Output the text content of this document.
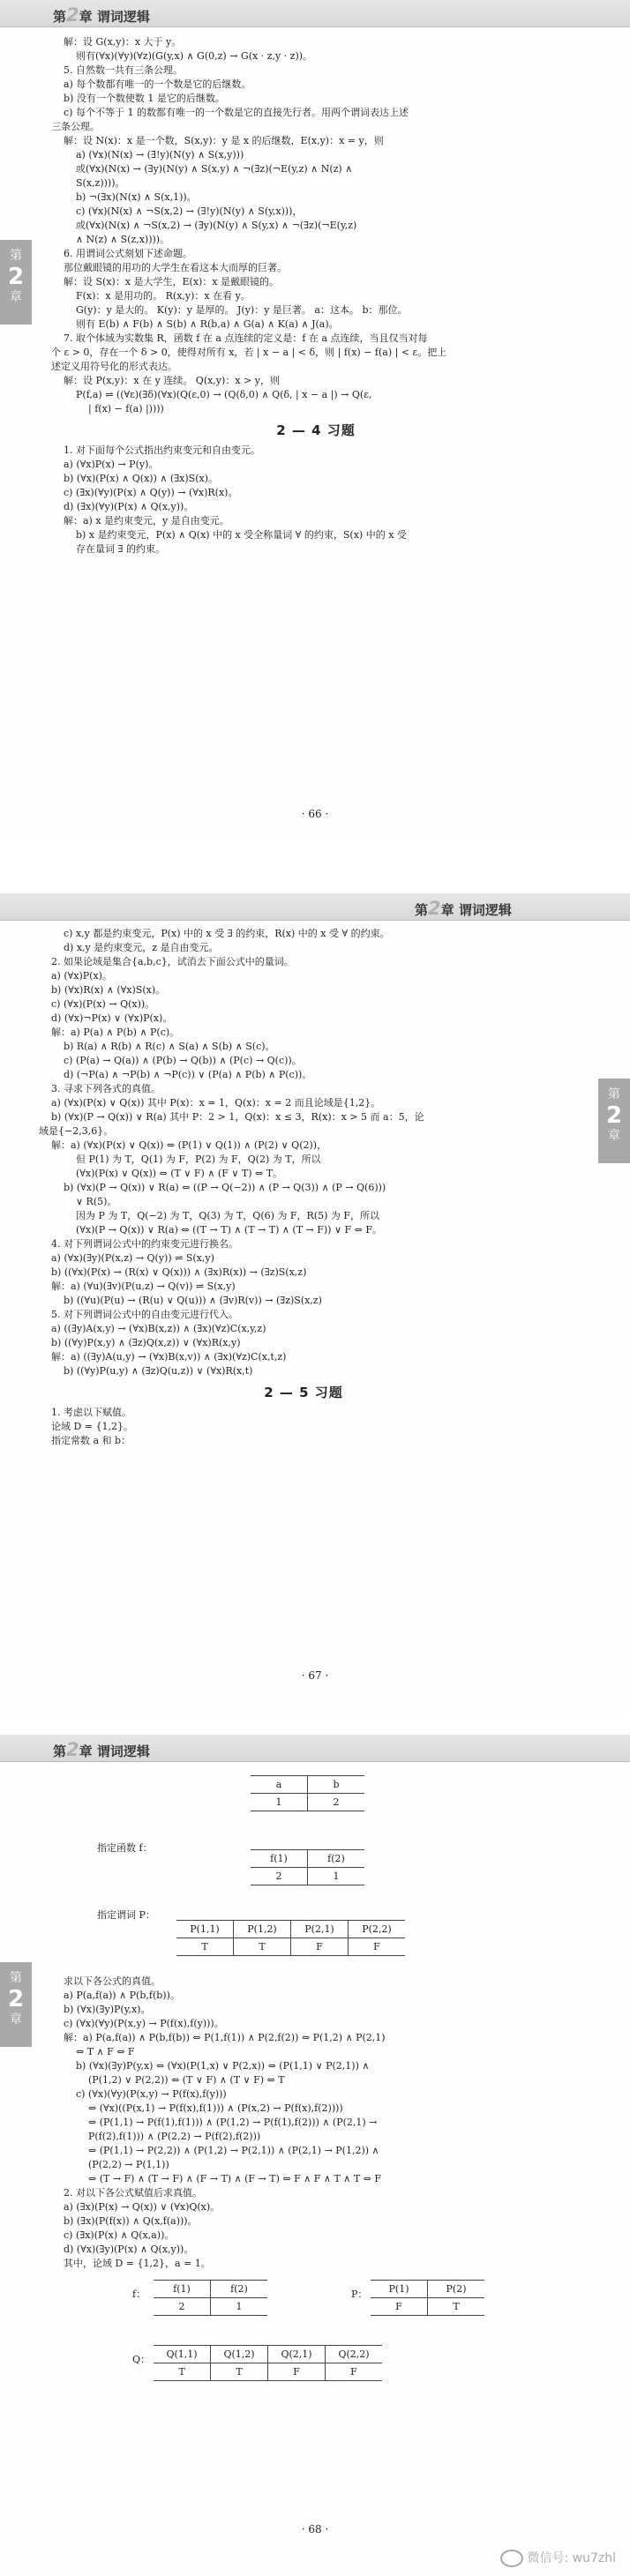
第2章 谓词逻辑
第
2
章
解：设 G(x,y)：x 大于 y。
则有(∀x)(∀y)(∀z)(G(y,x) ∧ G(0,z) → G(x · z,y · z))。
5. 自然数一共有三条公理。
a) 每个数都有唯一的一个数是它的后继数。
b) 没有一个数使数 1 是它的后继数。
c) 每个不等于 1 的数都有唯一的一个数是它的直接先行者。用两个谓词表达上述
三条公理。
解：设 N(x)：x 是一个数，S(x,y)：y 是 x 的后继数，E(x,y)：x = y，则
a) (∀x)(N(x) → (∃!y)(N(y) ∧ S(x,y)))
或(∀x)(N(x) → (∃y)(N(y) ∧ S(x,y) ∧ ¬(∃z)(¬E(y,z) ∧ N(z) ∧
S(x,z))))。
b) ¬(∃x)(N(x) ∧ S(x,1))。
c) (∀x)(N(x) ∧ ¬S(x,2) → (∃!y)(N(y) ∧ S(y,x)))，
或(∀x)(N(x) ∧ ¬S(x,2) → (∃y)(N(y) ∧ S(y,x) ∧ ¬(∃z)(¬E(y,z)
∧ N(z) ∧ S(z,x))))。
6. 用谓词公式刻划下述命题。
那位戴眼镜的用功的大学生在看这本大而厚的巨著。
解：设 S(x)：x 是大学生，E(x)：x 是戴眼镜的。
F(x)：x 是用功的。 R(x,y)：x 在看 y。
G(y)：y 是大的。 K(y)：y 是厚的。 J(y)：y 是巨著。 a：这本。 b：那位。
则有 E(b) ∧ F(b) ∧ S(b) ∧ R(b,a) ∧ G(a) ∧ K(a) ∧ J(a)。
7. 取个体域为实数集 R，函数 f 在 a 点连续的定义是：f 在 a 点连续，当且仅当对每
个 ε > 0，存在一个 δ > 0，使得对所有 x，若 | x − a | < δ，则 | f(x) − f(a) | < ε。把上
述定义用符号化的形式表达。
解：设 P(x,y)：x 在 y 连续。 Q(x,y)：x > y，则
P(f,a) ⇌ ((∀ε)(∃δ)(∀x)(Q(ε,0) → (Q(δ,0) ∧ Q(δ, | x − a |) → Q(ε,
| f(x) − f(a) |))))
2 — 4 习题
1. 对下面每个公式指出约束变元和自由变元。
a) (∀x)P(x) → P(y)。
b) (∀x)(P(x) ∧ Q(x)) ∧ (∃x)S(x)。
c) (∃x)(∀y)(P(x) ∧ Q(y)) → (∀x)R(x)。
d) (∃x)(∀y)(P(x) ∧ Q(x,y))。
解：a) x 是约束变元，y 是自由变元。
b) x 是约束变元，P(x) ∧ Q(x) 中的 x 受全称量词 ∀ 的约束，S(x) 中的 x 受
存在量词 ∃ 的约束。
· 66 ·
第2章 谓词逻辑
第
2
章
c) x,y 都是约束变元，P(x) 中的 x 受 ∃ 的约束，R(x) 中的 x 受 ∀ 的约束。
d) x,y 是约束变元，z 是自由变元。
2. 如果论域是集合{a,b,c}，试消去下面公式中的量词。
a) (∀x)P(x)。
b) (∀x)R(x) ∧ (∀x)S(x)。
c) (∀x)(P(x) → Q(x))。
d) (∀x)¬P(x) ∨ (∀x)P(x)。
解：a) P(a) ∧ P(b) ∧ P(c)。
b) R(a) ∧ R(b) ∧ R(c) ∧ S(a) ∧ S(b) ∧ S(c)。
c) (P(a) → Q(a)) ∧ (P(b) → Q(b)) ∧ (P(c) → Q(c))。
d) (¬P(a) ∧ ¬P(b) ∧ ¬P(c)) ∨ (P(a) ∧ P(b) ∧ P(c))。
3. 寻求下列各式的真值。
a) (∀x)(P(x) ∨ Q(x)) 其中 P(x)：x = 1，Q(x)：x = 2 而且论域是{1,2}。
b) (∀x)(P → Q(x)) ∨ R(a) 其中 P：2 > 1，Q(x)：x ≤ 3，R(x)：x > 5 而 a：5，论
域是{−2,3,6}。
解：a) (∀x)(P(x) ∨ Q(x)) ⇔ (P(1) ∨ Q(1)) ∧ (P(2) ∨ Q(2))，
但 P(1) 为 T，Q(1) 为 F，P(2) 为 F，Q(2) 为 T，所以
(∀x)(P(x) ∨ Q(x)) ⇔ (T ∨ F) ∧ (F ∨ T) ⇔ T。
b) (∀x)(P → Q(x)) ∨ R(a) ⇔ ((P → Q(−2)) ∧ (P → Q(3)) ∧ (P → Q(6)))
∨ R(5)。
因为 P 为 T，Q(−2) 为 T，Q(3) 为 T，Q(6) 为 F，R(5) 为 F，所以
(∀x)(P → Q(x)) ∨ R(a) ⇔ ((T → T) ∧ (T → T) ∧ (T → F)) ∨ F ⇔ F。
4. 对下列谓词公式中的约束变元进行换名。
a) (∀x)(∃y)(P(x,z) → Q(y)) ⇌ S(x,y)
b) ((∀x)(P(x) → (R(x) ∨ Q(x))) ∧ (∃x)R(x)) → (∃z)S(x,z)
解：a) (∀u)(∃v)(P(u,z) → Q(v)) ⇌ S(x,y)
b) ((∀u)(P(u) → (R(u) ∨ Q(u))) ∧ (∃v)R(v)) → (∃z)S(x,z)
5. 对下列谓词公式中的自由变元进行代入。
a) ((∃y)A(x,y) → (∀x)B(x,z)) ∧ (∃x)(∀z)C(x,y,z)
b) ((∀y)P(x,y) ∧ (∃z)Q(x,z)) ∨ (∀x)R(x,y)
解：a) ((∃y)A(u,y) → (∀x)B(x,v)) ∧ (∃x)(∀z)C(x,t,z)
b) ((∀y)P(u,y) ∧ (∃z)Q(u,z)) ∨ (∀x)R(x,t)
2 — 5 习题
1. 考虑以下赋值。
论域 D = {1,2}。
指定常数 a 和 b：
· 67 ·
第2章 谓词逻辑
第
2
章
a	b
1	2
指定函数 f：
f(1)	f(2)
2	1
指定谓词 P：
P(1,1)	P(1,2)	P(2,1)	P(2,2)
T	T	F	F
求以下各公式的真值。
a) P(a,f(a)) ∧ P(b,f(b))。
b) (∀x)(∃y)P(y,x)。
c) (∀x)(∀y)(P(x,y) → P(f(x),f(y)))。
解：a) P(a,f(a)) ∧ P(b,f(b)) ⇔ P(1,f(1)) ∧ P(2,f(2)) ⇔ P(1,2) ∧ P(2,1)
⇔ T ∧ F ⇔ F
b) (∀x)(∃y)P(y,x) ⇔ (∀x)(P(1,x) ∨ P(2,x)) ⇔ (P(1,1) ∨ P(2,1)) ∧
(P(1,2) ∨ P(2,2)) ⇔ (T ∨ F) ∧ (T ∨ F) ⇔ T
c) (∀x)(∀y)(P(x,y) → P(f(x),f(y)))
⇔ (∀x)((P(x,1) → P(f(x),f(1))) ∧ (P(x,2) → P(f(x),f(2))))
⇔ (P(1,1) → P(f(1),f(1))) ∧ (P(1,2) → P(f(1),f(2))) ∧ (P(2,1) →
P(f(2),f(1))) ∧ (P(2,2) → P(f(2),f(2)))
⇔ (P(1,1) → P(2,2)) ∧ (P(1,2) → P(2,1)) ∧ (P(2,1) → P(1,2)) ∧
(P(2,2) → P(1,1))
⇔ (T → F) ∧ (T → F) ∧ (F → T) ∧ (F → T) ⇔ F ∧ F ∧ T ∧ T ⇔ F
2. 对以下各公式赋值后求真值。
a) (∃x)(P(x) → Q(x)) ∨ (∀x)Q(x)。
b) (∃x)(P(f(x)) ∧ Q(x,f(a)))。
c) (∃x)(P(x) ∧ Q(x,a))。
d) (∀x)(∃y)(P(x) ∧ Q(x,y))。
其中，论域 D = {1,2}，a = 1。
f：	f(1)	f(2)
2	1
P： P(1)	P(2)
F	T
Q： Q(1,1)	Q(1,2)	Q(2,1)	Q(2,2)
T	T	F	F
· 68 ·
微信号: wu7zhl
